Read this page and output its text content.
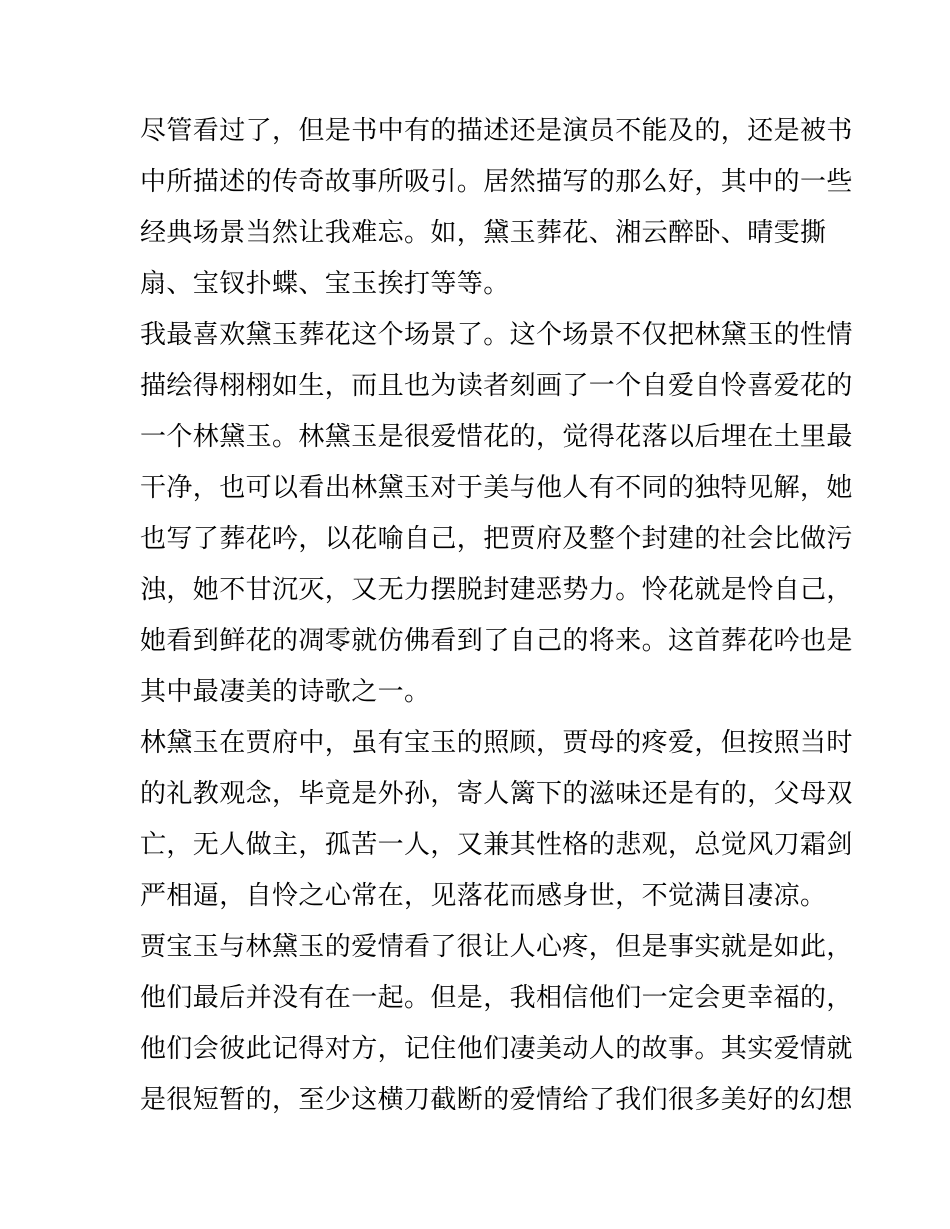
尽管看过了，但是书中有的描述还是演员不能及的，还是被书
中所描述的传奇故事所吸引。居然描写的那么好，其中的一些
经典场景当然让我难忘。如，黛玉葬花、湘云醉卧、晴雯撕
扇、宝钗扑蝶、宝玉挨打等等。
我最喜欢黛玉葬花这个场景了。这个场景不仅把林黛玉的性情
描绘得栩栩如生，而且也为读者刻画了一个自爱自怜喜爱花的
一个林黛玉。林黛玉是很爱惜花的，觉得花落以后埋在土里最
干净，也可以看出林黛玉对于美与他人有不同的独特见解，她
也写了葬花吟，以花喻自己，把贾府及整个封建的社会比做污
浊，她不甘沉灭，又无力摆脱封建恶势力。怜花就是怜自己，
她看到鲜花的凋零就仿佛看到了自己的将来。这首葬花吟也是
其中最凄美的诗歌之一。
林黛玉在贾府中，虽有宝玉的照顾，贾母的疼爱，但按照当时
的礼教观念，毕竟是外孙，寄人篱下的滋味还是有的，父母双
亡，无人做主，孤苦一人，又兼其性格的悲观，总觉风刀霜剑
严相逼，自怜之心常在，见落花而感身世，不觉满目凄凉。
贾宝玉与林黛玉的爱情看了很让人心疼，但是事实就是如此，
他们最后并没有在一起。但是，我相信他们一定会更幸福的，
他们会彼此记得对方，记住他们凄美动人的故事。其实爱情就
是很短暂的，至少这横刀截断的爱情给了我们很多美好的幻想
